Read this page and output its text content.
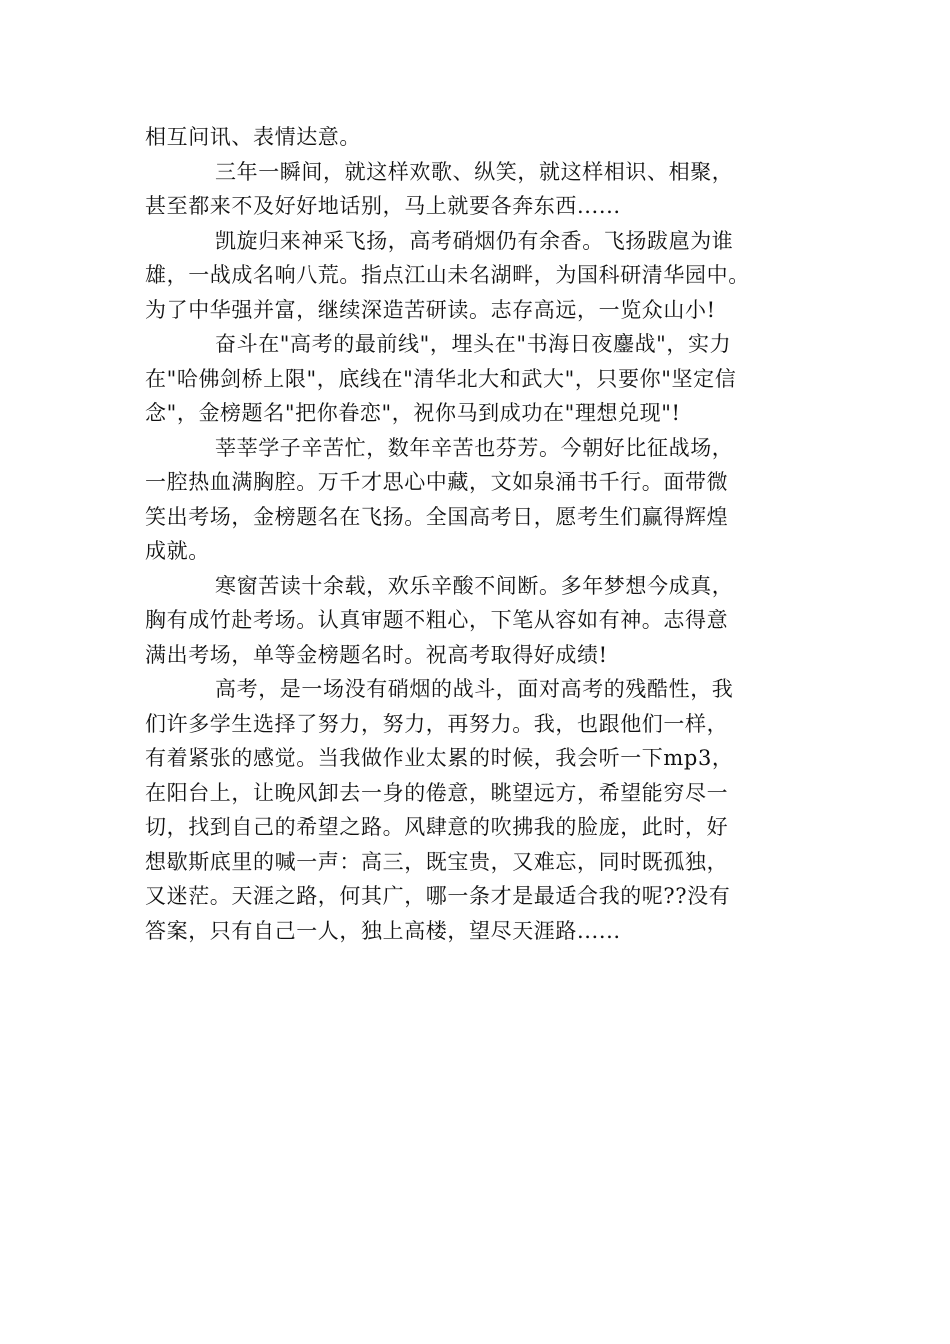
相互问讯、表情达意。
三年一瞬间，就这样欢歌、纵笑，就这样相识、相聚，
甚至都来不及好好地话别，马上就要各奔东西......
凯旋归来神采飞扬，高考硝烟仍有余香。飞扬跋扈为谁
雄，一战成名响八荒。指点江山未名湖畔，为国科研清华园中。
为了中华强并富，继续深造苦研读。志存高远，一览众山小!
奋斗在"高考的最前线"，埋头在"书海日夜鏖战"，实力
在"哈佛剑桥上限"，底线在"清华北大和武大"，只要你"坚定信
念"，金榜题名"把你眷恋"，祝你马到成功在"理想兑现"!
莘莘学子辛苦忙，数年辛苦也芬芳。今朝好比征战场，
一腔热血满胸腔。万千才思心中藏，文如泉涌书千行。面带微
笑出考场，金榜题名在飞扬。全国高考日，愿考生们赢得辉煌
成就。
寒窗苦读十余载，欢乐辛酸不间断。多年梦想今成真，
胸有成竹赴考场。认真审题不粗心，下笔从容如有神。志得意
满出考场，单等金榜题名时。祝高考取得好成绩!
高考，是一场没有硝烟的战斗，面对高考的残酷性，我
们许多学生选择了努力，努力，再努力。我，也跟他们一样，
有着紧张的感觉。当我做作业太累的时候，我会听一下mp3，
在阳台上，让晚风卸去一身的倦意，眺望远方，希望能穷尽一
切，找到自己的希望之路。风肆意的吹拂我的脸庞，此时，好
想歇斯底里的喊一声：高三，既宝贵，又难忘，同时既孤独，
又迷茫。天涯之路，何其广，哪一条才是最适合我的呢??没有
答案，只有自己一人，独上高楼，望尽天涯路......
